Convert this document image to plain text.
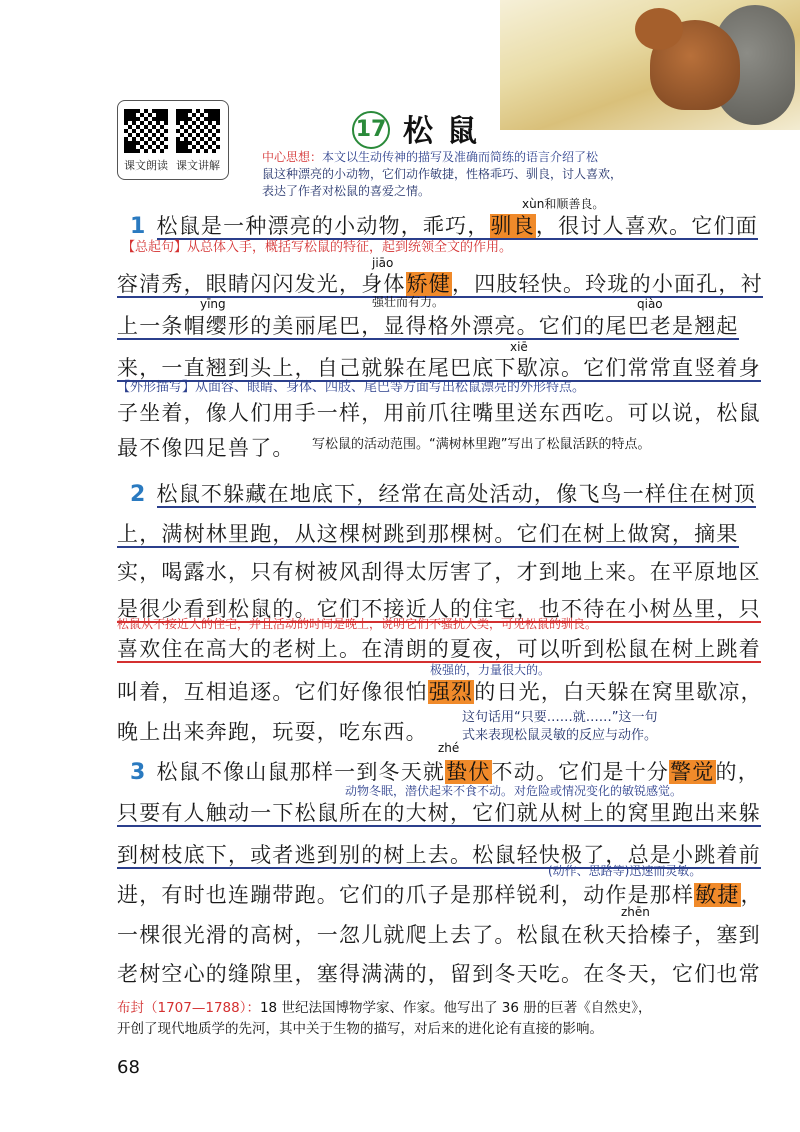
课文朗读 课文讲解
17 松鼠
中心思想：本文以生动传神的描写及准确而简练的语言介绍了松
鼠这种漂亮的小动物，它们动作敏捷，性格乖巧、驯良，讨人喜欢，
表达了作者对松鼠的喜爱之情。
xùn和顺善良。
1 松鼠是一种漂亮的小动物，乖巧，驯良，很讨人喜欢。它们面
【总起句】从总体入手，概括写松鼠的特征，起到统领全文的作用。
jiāo
容清秀，眼睛闪闪发光，身体矫健，四肢轻快。玲珑的小面孔，衬
强壮而有力。
yīng	qiào
上一条帽缨形的美丽尾巴，显得格外漂亮。它们的尾巴老是翘起
xiē
来，一直翘到头上，自己就躲在尾巴底下歇凉。它们常常直竖着身
【外形描写】从面容、眼睛、身体、四肢、尾巴等方面写出松鼠漂亮的外形特点。
子坐着，像人们用手一样，用前爪往嘴里送东西吃。可以说，松鼠
最不像四足兽了。 写松鼠的活动范围。“满树林里跑”写出了松鼠活跃的特点。
2 松鼠不躲藏在地底下，经常在高处活动，像飞鸟一样住在树顶
上，满树林里跑，从这棵树跳到那棵树。它们在树上做窝，摘果
实，喝露水，只有树被风刮得太厉害了，才到地上来。在平原地区
是很少看到松鼠的。它们不接近人的住宅，也不待在小树丛里，只
松鼠从不接近人的住宅，并且活动的时间是晚上，说明它们不骚扰人类，可见松鼠的驯良。
喜欢住在高大的老树上。在清朗的夏夜，可以听到松鼠在树上跳着
极强的，力量很大的。
叫着，互相追逐。它们好像很怕强烈的日光，白天躲在窝里歇凉，
晚上出来奔跑，玩耍，吃东西。
这句话用“只要……就……”这一句
式来表现松鼠灵敏的反应与动作。
zhé
3 松鼠不像山鼠那样一到冬天就蛰伏不动。它们是十分警觉的，
动物冬眠，潜伏起来不食不动。 对危险或情况变化的敏锐感觉。
只要有人触动一下松鼠所在的大树，它们就从树上的窝里跑出来躲
到树枝底下，或者逃到别的树上去。松鼠轻快极了，总是小跳着前
(动作、思路等)迅速而灵敏。
进，有时也连蹦带跑。它们的爪子是那样锐利，动作是那样敏捷，
zhēn
一棵很光滑的高树，一忽儿就爬上去了。松鼠在秋天拾榛子，塞到
老树空心的缝隙里，塞得满满的，留到冬天吃。在冬天，它们也常
布封（1707—1788）：18 世纪法国博物学家、作家。他写出了 36 册的巨著《自然史》，
开创了现代地质学的先河，其中关于生物的描写，对后来的进化论有直接的影响。
68
